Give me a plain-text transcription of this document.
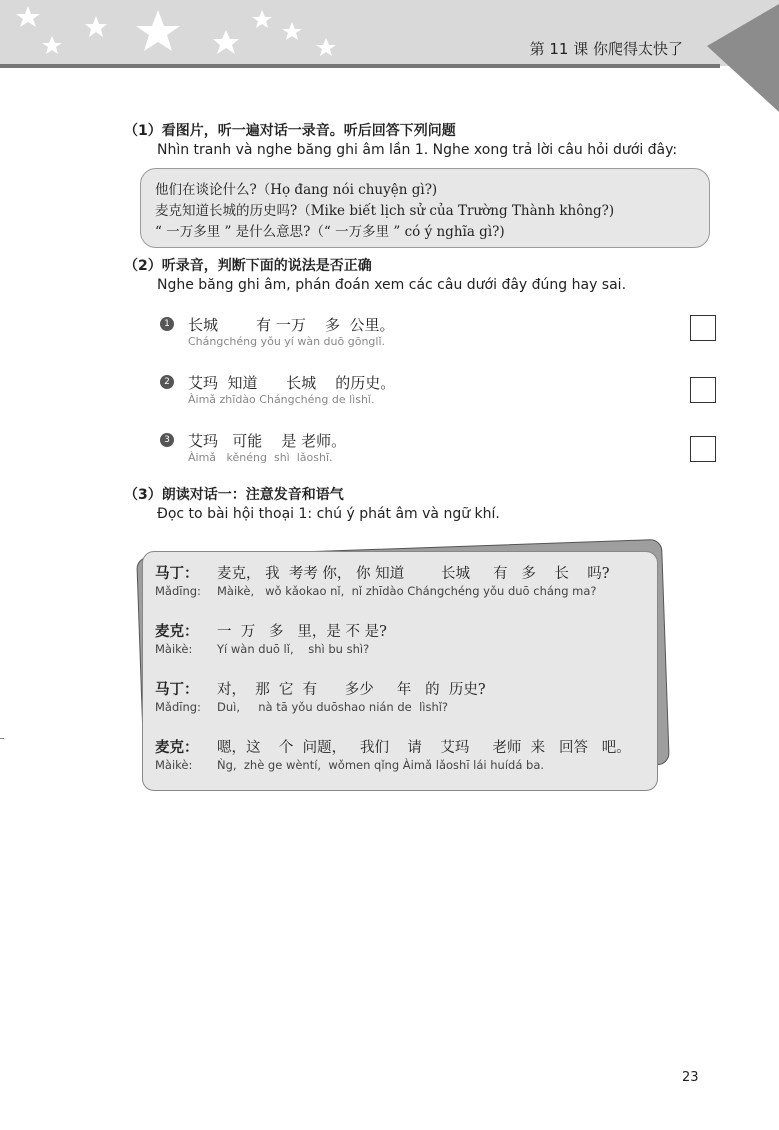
第 11 课 你爬得太快了
（1）看图片，听一遍对话一录音。听后回答下列问题
Nhìn tranh và nghe băng ghi âm lần 1. Nghe xong trả lời câu hỏi dưới đây:
他们在谈论什么?（Họ đang nói chuyện gì?)
麦克知道长城的历史吗?（Mike biết lịch sử của Trường Thành không?)
“ 一万多里 ” 是什么意思?（“ 一万多里 ” có ý nghĩa gì?)
（2）听录音，判断下面的说法是否正确
Nghe băng ghi âm, phán đoán xem các câu dưới đây đúng hay sai.
1 长城        有 一万    多  公里。
Chángchéng yǒu yí wàn duō gōnglǐ.
2 艾玛  知道      长城    的历史。
Àimǎ zhīdào Chángchéng de lìshǐ.
3 艾玛   可能    是 老师。
Àimǎ   kěnéng  shì  lǎoshī.
（3）朗读对话一：注意发音和语气
Đọc to bài hội thoại 1: chú ý phát âm và ngữ khí.
马丁： 麦克， 我  考考 你， 你 知道        长城     有   多    长    吗?
Mǎdīng: Màikè,   wǒ kǎokao nǐ,  nǐ zhīdào Chángchéng yǒu duō cháng ma?
麦克： 一  万   多   里，是 不 是?
Màikè: Yí wàn duō lǐ,    shì bu shì?
马丁： 对，  那  它  有      多少     年   的  历史?
Mǎdīng: Duì,     nà tā yǒu duōshao nián de  lìshǐ?
麦克： 嗯，这    个  问题，   我们    请    艾玛     老师  来   回答   吧。
Màikè: Ǹg,  zhè ge wèntí,  wǒmen qǐng Àimǎ lǎoshī lái huídá ba.
23
